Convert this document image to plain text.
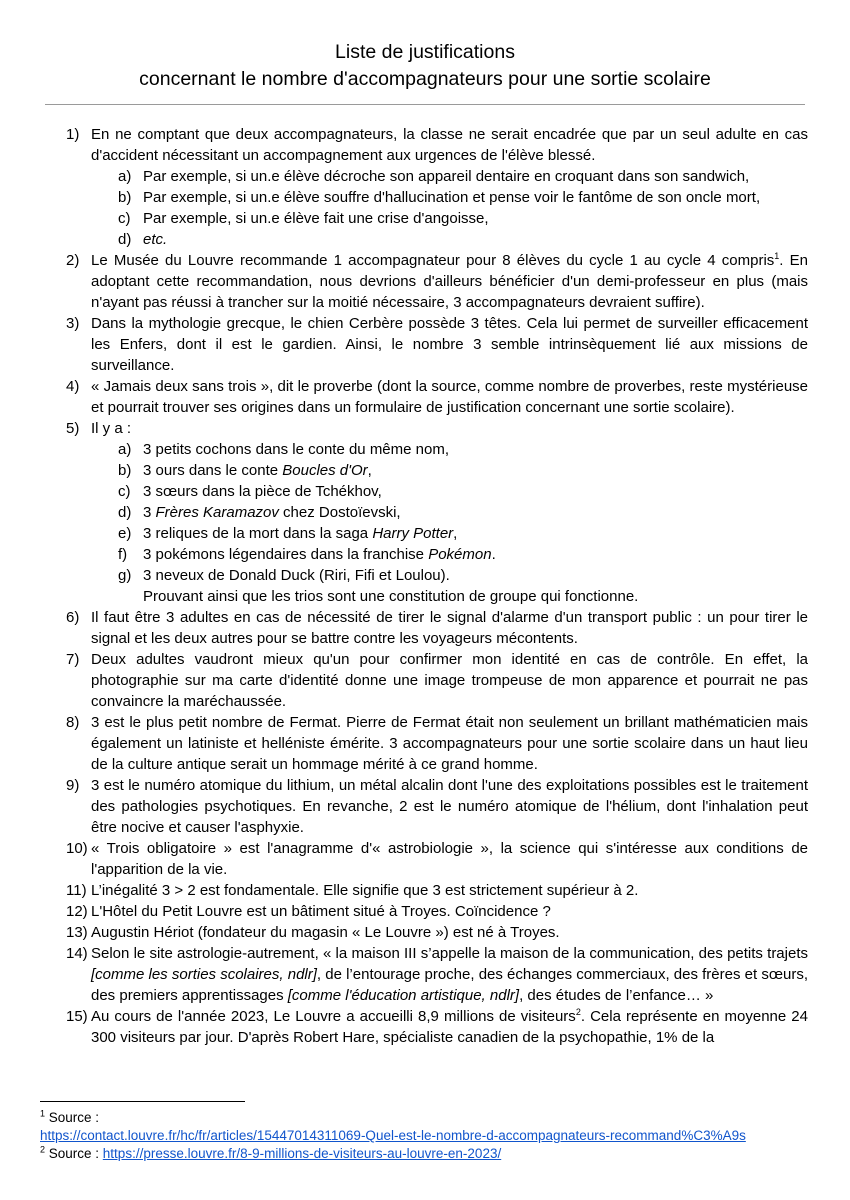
Liste de justifications
concernant le nombre d'accompagnateurs pour une sortie scolaire
1) En ne comptant que deux accompagnateurs, la classe ne serait encadrée que par un seul adulte en cas d'accident nécessitant un accompagnement aux urgences de l'élève blessé.
a) Par exemple, si un.e élève décroche son appareil dentaire en croquant dans son sandwich,
b) Par exemple, si un.e élève souffre d'hallucination et pense voir le fantôme de son oncle mort,
c) Par exemple, si un.e élève fait une crise d'angoisse,
d) etc.
2) Le Musée du Louvre recommande 1 accompagnateur pour 8 élèves du cycle 1 au cycle 4 compris$^1$. En adoptant cette recommandation, nous devrions d'ailleurs bénéficier d'un demi-professeur en plus (mais n'ayant pas réussi à trancher sur la moitié nécessaire, 3 accompagnateurs devraient suffire).
3) Dans la mythologie grecque, le chien Cerbère possède 3 têtes. Cela lui permet de surveiller efficacement les Enfers, dont il est le gardien. Ainsi, le nombre 3 semble intrinsèquement lié aux missions de surveillance.
4) « Jamais deux sans trois », dit le proverbe (dont la source, comme nombre de proverbes, reste mystérieuse et pourrait trouver ses origines dans un formulaire de justification concernant une sortie scolaire).
5) Il y a :
a) 3 petits cochons dans le conte du même nom,
b) 3 ours dans le conte Boucles d'Or,
c) 3 sœurs dans la pièce de Tchékhov,
d) 3 Frères Karamazov chez Dostoïevski,
e) 3 reliques de la mort dans la saga Harry Potter,
f) 3 pokémons légendaires dans la franchise Pokémon.
g) 3 neveux de Donald Duck (Riri, Fifi et Loulou).
Prouvant ainsi que les trios sont une constitution de groupe qui fonctionne.
6) Il faut être 3 adultes en cas de nécessité de tirer le signal d'alarme d'un transport public : un pour tirer le signal et les deux autres pour se battre contre les voyageurs mécontents.
7) Deux adultes vaudront mieux qu'un pour confirmer mon identité en cas de contrôle. En effet, la photographie sur ma carte d'identité donne une image trompeuse de mon apparence et pourrait ne pas convaincre la maréchaussée.
8) 3 est le plus petit nombre de Fermat. Pierre de Fermat était non seulement un brillant mathématicien mais également un latiniste et helléniste émérite. 3 accompagnateurs pour une sortie scolaire dans un haut lieu de la culture antique serait un hommage mérité à ce grand homme.
9) 3 est le numéro atomique du lithium, un métal alcalin dont l'une des exploitations possibles est le traitement des pathologies psychotiques. En revanche, 2 est le numéro atomique de l'hélium, dont l'inhalation peut être nocive et causer l'asphyxie.
10) « Trois obligatoire » est l'anagramme d'« astrobiologie », la science qui s'intéresse aux conditions de l'apparition de la vie.
11) L’inégalité 3 > 2 est fondamentale. Elle signifie que 3 est strictement supérieur à 2.
12) L'Hôtel du Petit Louvre est un bâtiment situé à Troyes. Coïncidence ?
13) Augustin Hériot (fondateur du magasin « Le Louvre ») est né à Troyes.
14) Selon le site astrologie-autrement, « la maison III s’appelle la maison de la communication, des petits trajets [comme les sorties scolaires, ndlr], de l’entourage proche, des échanges commerciaux, des frères et sœurs, des premiers apprentissages [comme l'éducation artistique, ndlr], des études de l’enfance… »
15) Au cours de l'année 2023, Le Louvre a accueilli 8,9 millions de visiteurs$^2$. Cela représente en moyenne 24 300 visiteurs par jour. D'après Robert Hare, spécialiste canadien de la psychopathie, 1% de la
$^1$ Source :
https://contact.louvre.fr/hc/fr/articles/15447014311069-Quel-est-le-nombre-d-accompagnateurs-recommand%C3%A9s
$^2$ Source : https://presse.louvre.fr/8-9-millions-de-visiteurs-au-louvre-en-2023/
